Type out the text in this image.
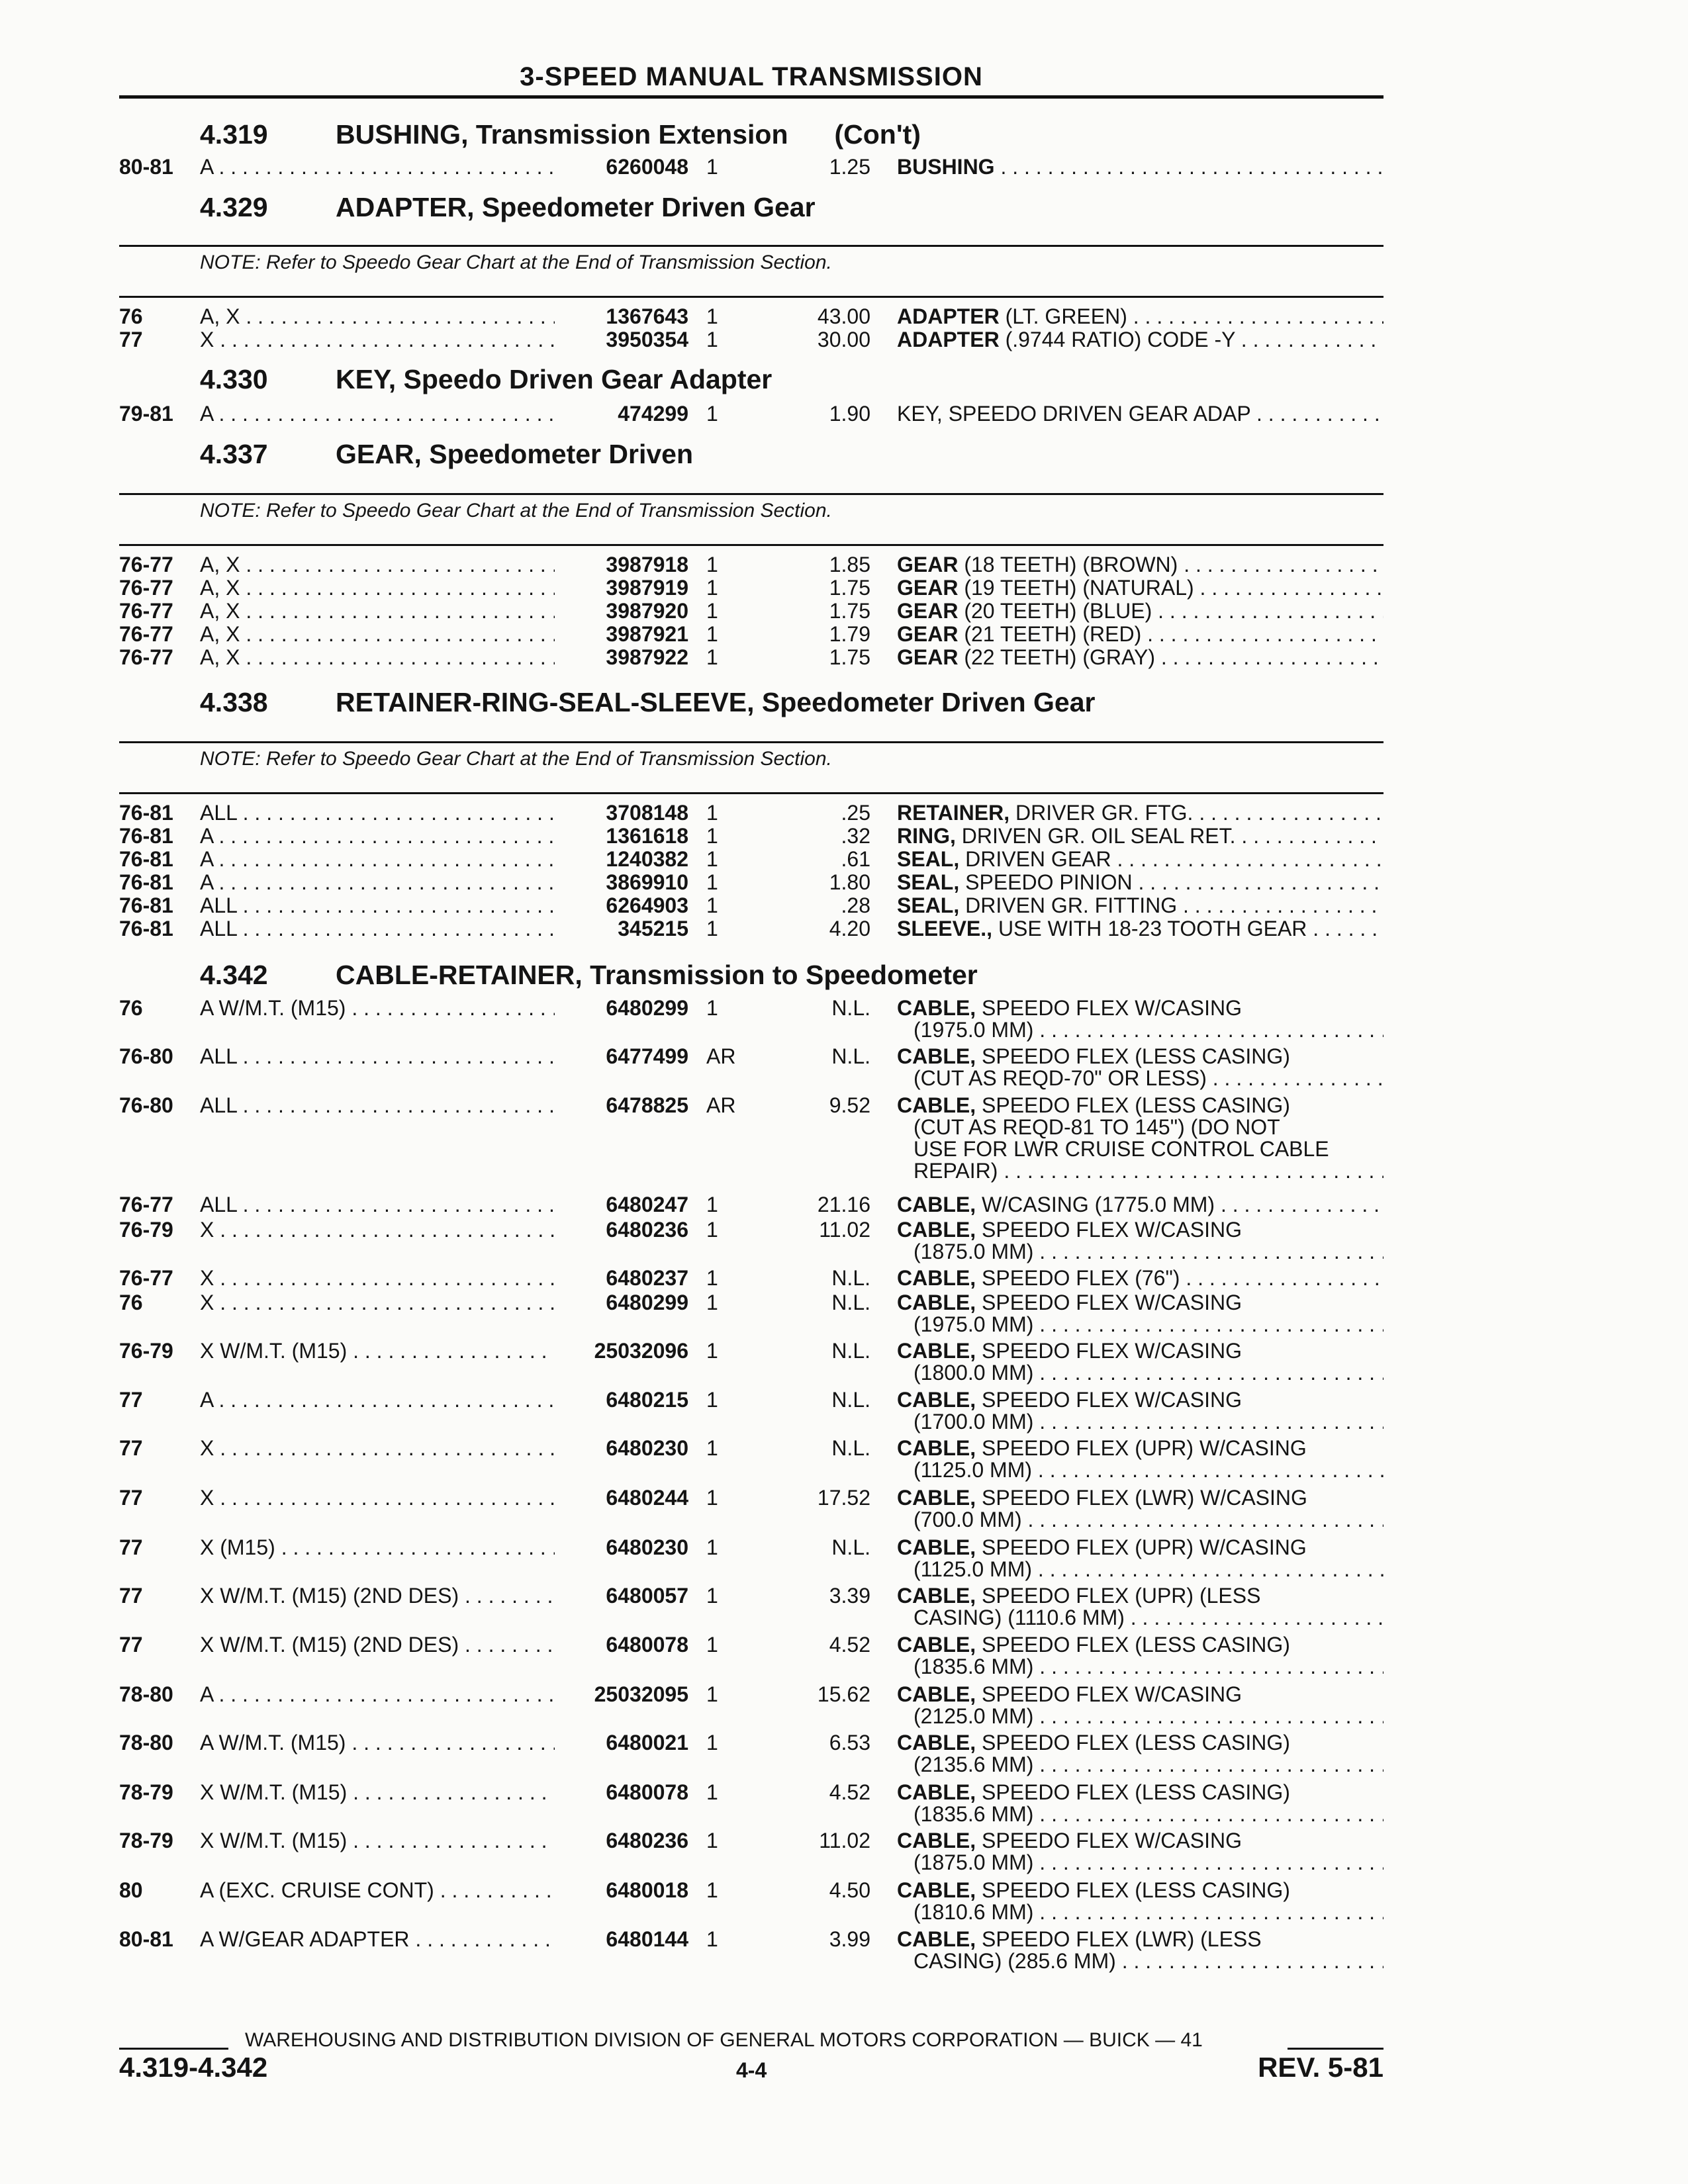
3-SPEED MANUAL TRANSMISSION
4.319 BUSHING, Transmission Extension (Con't)
80-81 A . . .	6260048 1	1.25 BUSHING . . .
4.329 ADAPTER, Speedometer Driven Gear
NOTE: Refer to Speedo Gear Chart at the End of Transmission Section.
76	A, X . . .	1367643 1	43.00 ADAPTER (LT. GREEN) . . .
77	X . . .	3950354 1	30.00 ADAPTER (.9744 RATIO) CODE -Y . . .
4.330 KEY, Speedo Driven Gear Adapter
79-81 A . . .	474299 1	1.90 KEY, SPEEDO DRIVEN GEAR ADAP . . .
4.337 GEAR, Speedometer Driven
NOTE: Refer to Speedo Gear Chart at the End of Transmission Section.
76-77 A, X . . .	3987918 1	1.85 GEAR (18 TEETH) (BROWN) . . .
76-77 A, X . . .	3987919 1	1.75 GEAR (19 TEETH) (NATURAL) . . .
76-77 A, X . . .	3987920 1	1.75 GEAR (20 TEETH) (BLUE) . . .
76-77 A, X . . .	3987921 1	1.79 GEAR (21 TEETH) (RED) . . .
76-77 A, X . . .	3987922 1	1.75 GEAR (22 TEETH) (GRAY) . . .
4.338 RETAINER-RING-SEAL-SLEEVE, Speedometer Driven Gear
NOTE: Refer to Speedo Gear Chart at the End of Transmission Section.
76-81 ALL . . .	3708148 1	.25 RETAINER, DRIVER GR. FTG. . . .
76-81 A . . .	1361618 1	.32 RING, DRIVEN GR. OIL SEAL RET. . . .
76-81 A . . .	1240382 1	.61 SEAL, DRIVEN GEAR . . .
76-81 A . . .	3869910 1	1.80 SEAL, SPEEDO PINION . . .
76-81 ALL . . .	6264903 1	.28 SEAL, DRIVEN GR. FITTING . . .
76-81 ALL . . .	345215 1	4.20 SLEEVE., USE WITH 18-23 TOOTH GEAR . . .
4.342 CABLE-RETAINER, Transmission to Speedometer
76	A W/M.T. (M15) . . .	6480299 1	N.L. CABLE, SPEEDO FLEX W/CASING
(1975.0 MM) . . .
76-80 ALL . . .	6477499 AR	N.L. CABLE, SPEEDO FLEX (LESS CASING)
(CUT AS REQD-70" OR LESS) . . .
76-80 ALL . . .	6478825 AR	9.52 CABLE, SPEEDO FLEX (LESS CASING)
(CUT AS REQD-81 TO 145") (DO NOT
USE FOR LWR CRUISE CONTROL CABLE
REPAIR) . . .
76-77 ALL . . .	6480247 1	21.16 CABLE, W/CASING (1775.0 MM) . . .
76-79 X . . .	6480236 1	11.02 CABLE, SPEEDO FLEX W/CASING
(1875.0 MM) . . .
76-77 X . . .	6480237 1	N.L. CABLE, SPEEDO FLEX (76") . . .
76	X . . .	6480299 1	N.L. CABLE, SPEEDO FLEX W/CASING
(1975.0 MM) . . .
76-79 X W/M.T. (M15) . . .	25032096 1	N.L. CABLE, SPEEDO FLEX W/CASING
(1800.0 MM) . . .
77	A . . .	6480215 1	N.L. CABLE, SPEEDO FLEX W/CASING
(1700.0 MM) . . .
77	X . . .	6480230 1	N.L. CABLE, SPEEDO FLEX (UPR) W/CASING
(1125.0 MM) . . .
77	X . . .	6480244 1	17.52 CABLE, SPEEDO FLEX (LWR) W/CASING
(700.0 MM) . . .
77	X (M15) . . .	6480230 1	N.L. CABLE, SPEEDO FLEX (UPR) W/CASING
(1125.0 MM) . . .
77	X W/M.T. (M15) (2ND DES) . . .	6480057 1	3.39 CABLE, SPEEDO FLEX (UPR) (LESS
CASING) (1110.6 MM) . . .
77	X W/M.T. (M15) (2ND DES) . . .	6480078 1	4.52 CABLE, SPEEDO FLEX (LESS CASING)
(1835.6 MM) . . .
78-80 A . . .	25032095 1	15.62 CABLE, SPEEDO FLEX W/CASING
(2125.0 MM) . . .
78-80 A W/M.T. (M15) . . .	6480021 1	6.53 CABLE, SPEEDO FLEX (LESS CASING)
(2135.6 MM) . . .
78-79 X W/M.T. (M15) . . .	6480078 1	4.52 CABLE, SPEEDO FLEX (LESS CASING)
(1835.6 MM) . . .
78-79 X W/M.T. (M15) . . .	6480236 1	11.02 CABLE, SPEEDO FLEX W/CASING
(1875.0 MM) . . .
80	A (EXC. CRUISE CONT) . . .	6480018 1	4.50 CABLE, SPEEDO FLEX (LESS CASING)
(1810.6 MM) . . .
80-81 A W/GEAR ADAPTER . . .	6480144 1	3.99 CABLE, SPEEDO FLEX (LWR) (LESS
CASING) (285.6 MM) . . .
WAREHOUSING AND DISTRIBUTION DIVISION OF GENERAL MOTORS CORPORATION — BUICK — 41
4.319-4.342	4-4	REV. 5-81
